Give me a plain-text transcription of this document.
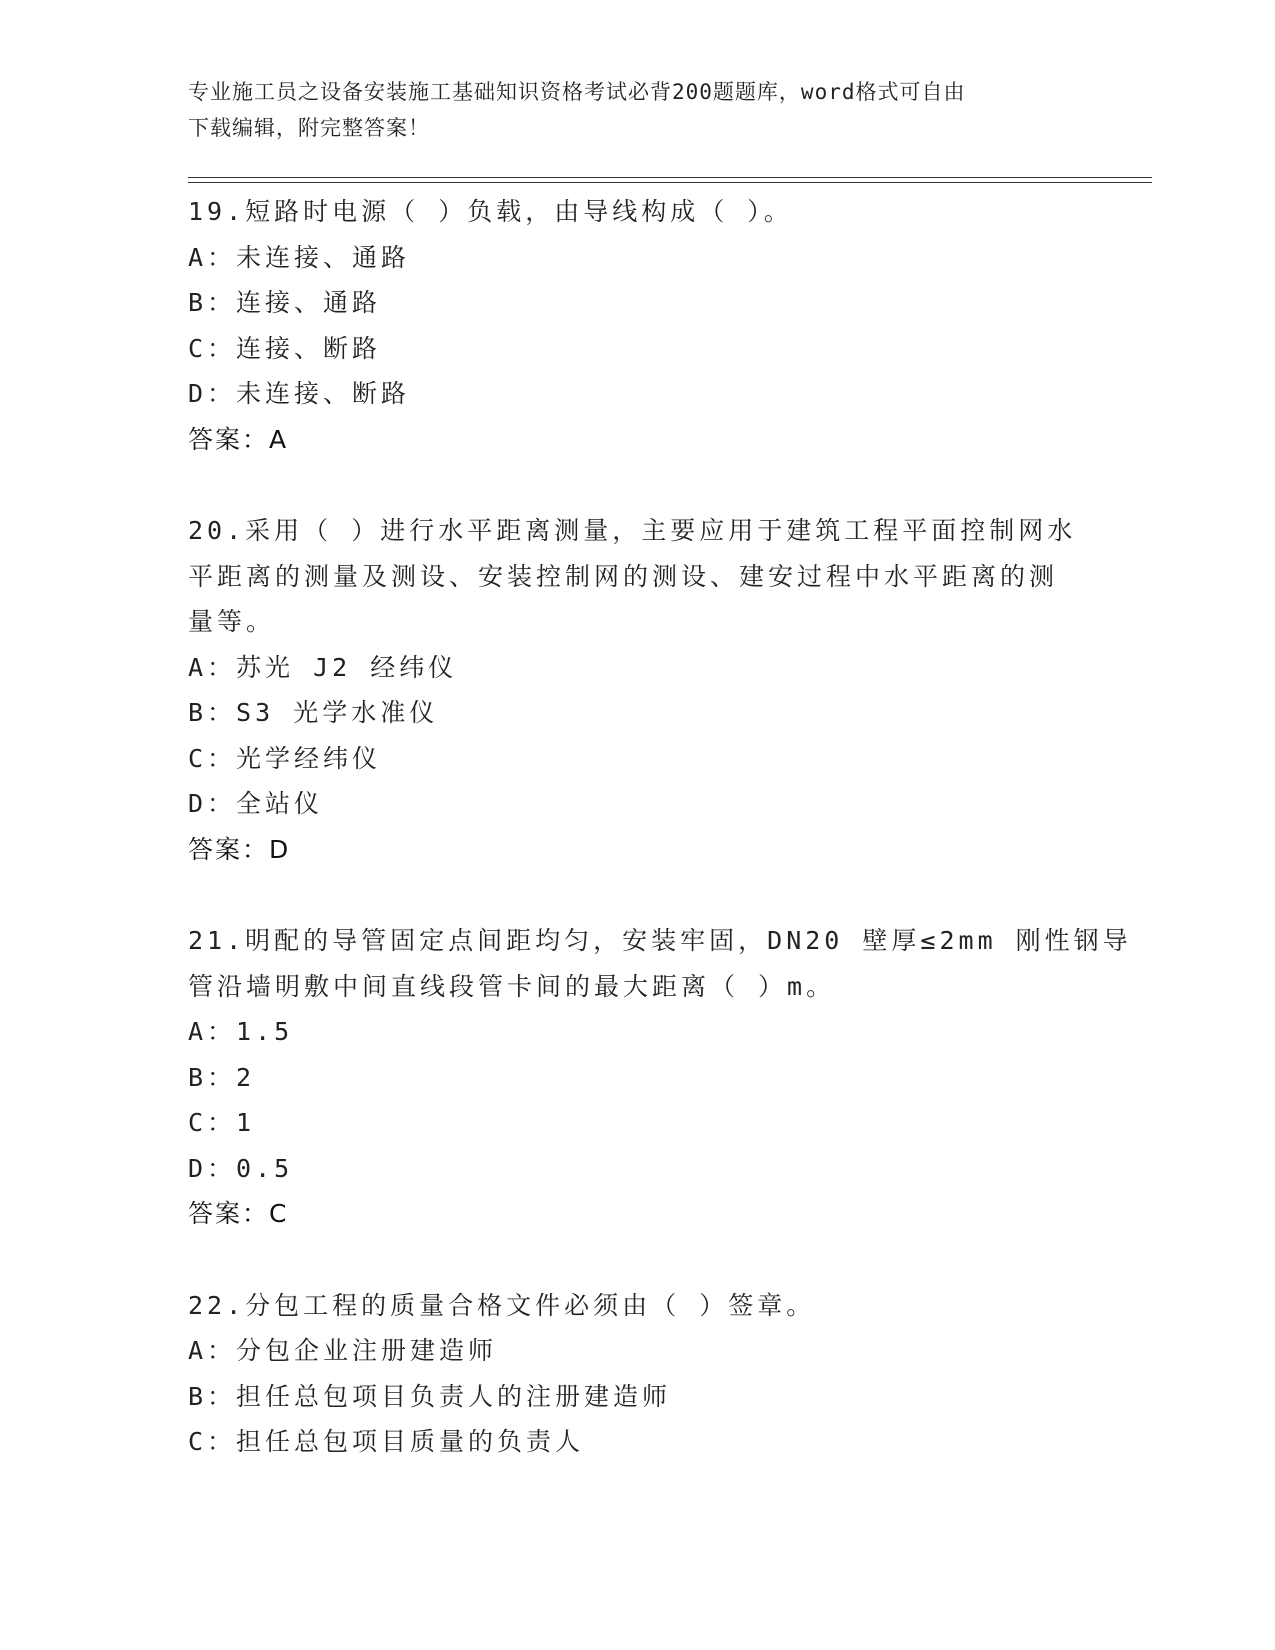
专业施工员之设备安装施工基础知识资格考试必背200题题库，word格式可自由
下载编辑，附完整答案！
19.短路时电源（ ）负载，由导线构成（ ）。
A：未连接、通路
B：连接、通路
C：连接、断路
D：未连接、断路
答案：A
20.采用（ ）进行水平距离测量，主要应用于建筑工程平面控制网水
平距离的测量及测设、安装控制网的测设、建安过程中水平距离的测
量等。
A：苏光 J2 经纬仪
B：S3 光学水准仪
C：光学经纬仪
D：全站仪
答案：D
21.明配的导管固定点间距均匀，安装牢固，DN20 壁厚≤2mm 刚性钢导
管沿墙明敷中间直线段管卡间的最大距离（ ）m。
A：1.5
B：2
C：1
D：0.5
答案：C
22.分包工程的质量合格文件必须由（ ）签章。
A：分包企业注册建造师
B：担任总包项目负责人的注册建造师
C：担任总包项目质量的负责人
